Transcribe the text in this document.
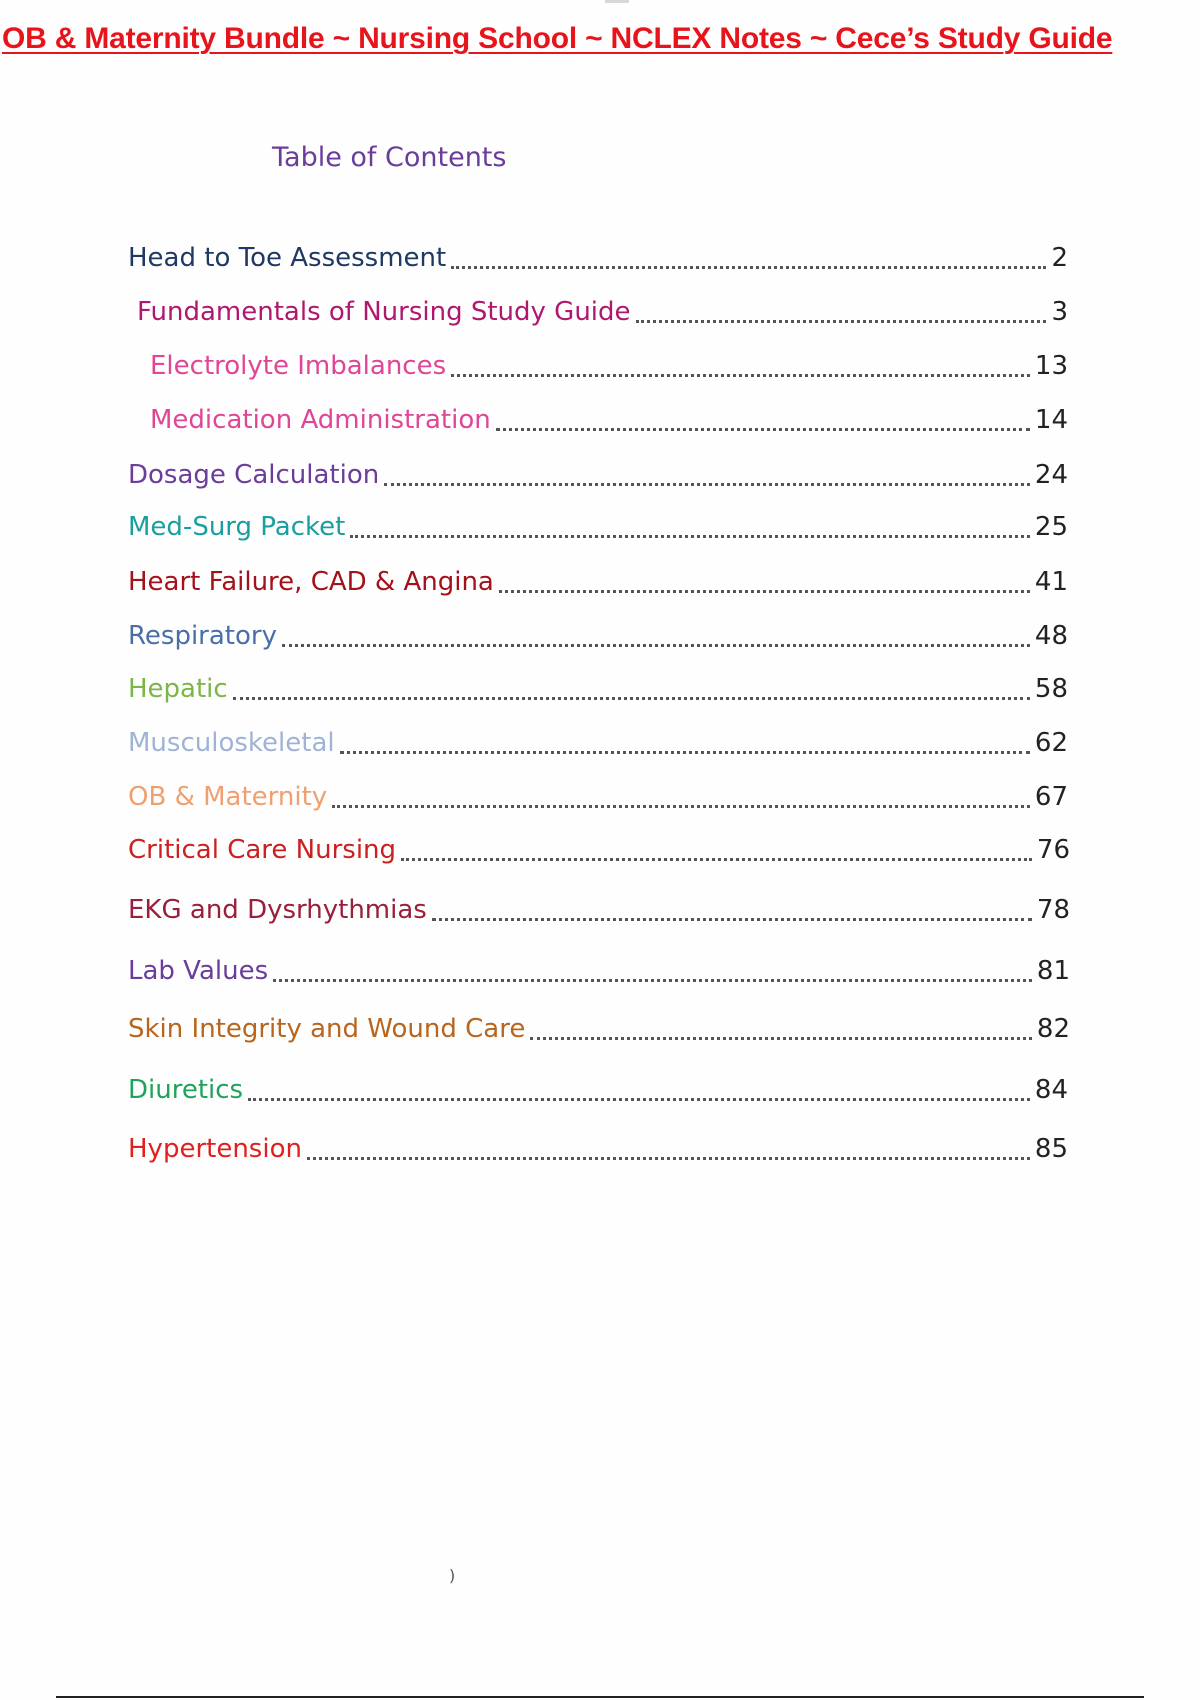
OB & Maternity Bundle ~ Nursing School ~ NCLEX Notes ~ Cece’s Study Guide
Table of Contents
Head to Toe Assessment	2
Fundamentals of Nursing Study Guide	3
Electrolyte Imbalances	13
Medication Administration	14
Dosage Calculation	24
Med-Surg Packet	25
Heart Failure, CAD & Angina	41
Respiratory	48
Hepatic	58
Musculoskeletal	62
OB & Maternity	67
Critical Care Nursing	76
EKG and Dysrhythmias	78
Lab Values	81
Skin Integrity and Wound Care	82
Diuretics	84
Hypertension	85
)
